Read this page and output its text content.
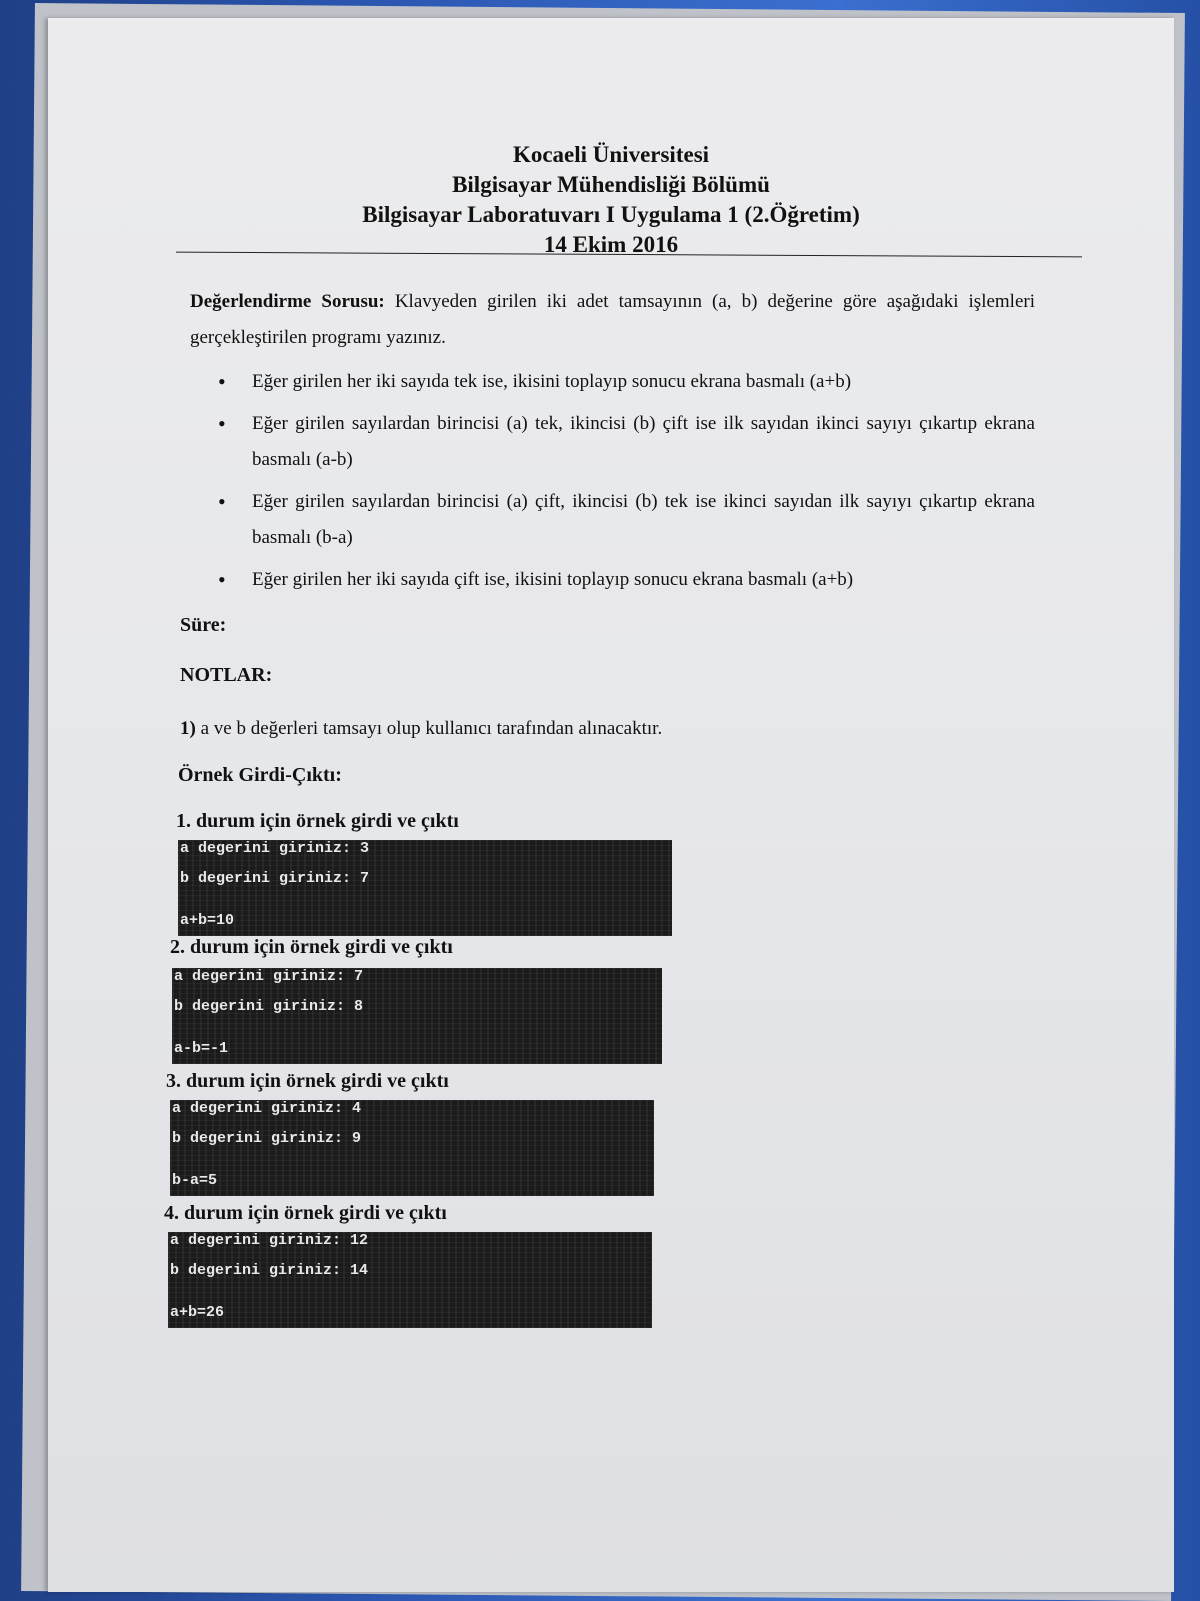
Kocaeli Üniversitesi
Bilgisayar Mühendisliği Bölümü
Bilgisayar Laboratuvarı I Uygulama 1 (2.Öğretim)
14 Ekim 2016
Değerlendirme Sorusu: Klavyeden girilen iki adet tamsayının (a, b) değerine göre aşağıdaki işlemleri gerçekleştirilen programı yazınız.
• Eğer girilen her iki sayıda tek ise, ikisini toplayıp sonucu ekrana basmalı (a+b)
• Eğer girilen sayılardan birincisi (a) tek, ikincisi (b) çift ise ilk sayıdan ikinci sayıyı çıkartıp ekrana basmalı (a-b)
• Eğer girilen sayılardan birincisi (a) çift, ikincisi (b) tek ise ikinci sayıdan ilk sayıyı çıkartıp ekrana basmalı (b-a)
• Eğer girilen her iki sayıda çift ise, ikisini toplayıp sonucu ekrana basmalı (a+b)
Süre:
NOTLAR:
1) a ve b değerleri tamsayı olup kullanıcı tarafından alınacaktır.
Örnek Girdi-Çıktı:
1. durum için örnek girdi ve çıktı
a degerini giriniz: 3
b degerini giriniz: 7
a+b=10
2. durum için örnek girdi ve çıktı
a degerini giriniz: 7
b degerini giriniz: 8
a-b=-1
3. durum için örnek girdi ve çıktı
a degerini giriniz: 4
b degerini giriniz: 9
b-a=5
4. durum için örnek girdi ve çıktı
a degerini giriniz: 12
b degerini giriniz: 14
a+b=26
